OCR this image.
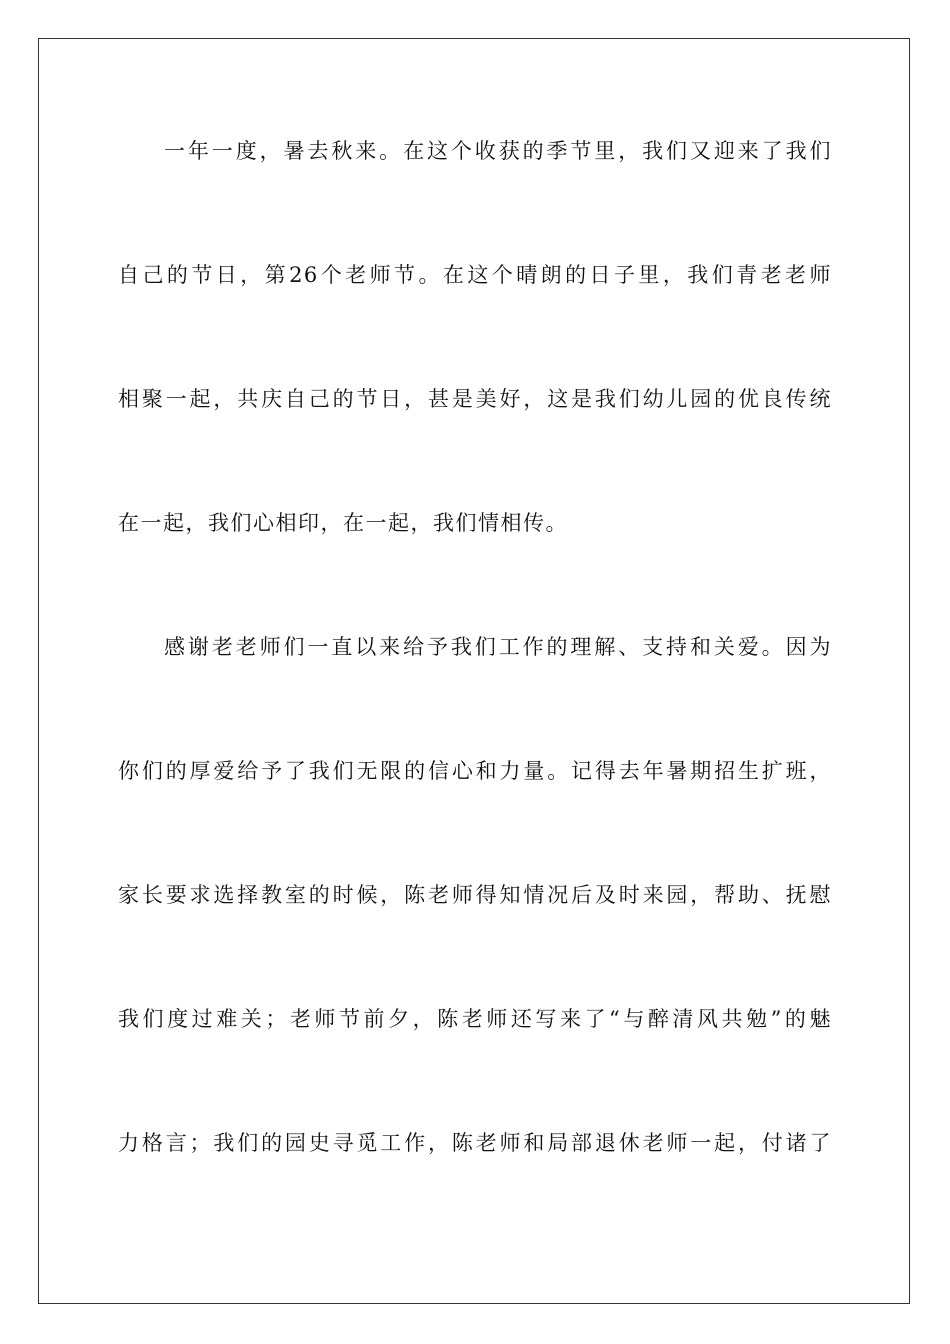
一年一度，暑去秋来。在这个收获的季节里，我们又迎来了我们
自己的节日，第26个老师节。在这个晴朗的日子里，我们青老老师
相聚一起，共庆自己的节日，甚是美好，这是我们幼儿园的优良传统
在一起，我们心相印，在一起，我们情相传。
感谢老老师们一直以来给予我们工作的理解、支持和关爱。因为
你们的厚爱给予了我们无限的信心和力量。记得去年暑期招生扩班，
家长要求选择教室的时候，陈老师得知情况后及时来园，帮助、抚慰
我们度过难关；老师节前夕，陈老师还写来了“与醉清风共勉”的魅
力格言；我们的园史寻觅工作，陈老师和局部退休老师一起，付诸了
